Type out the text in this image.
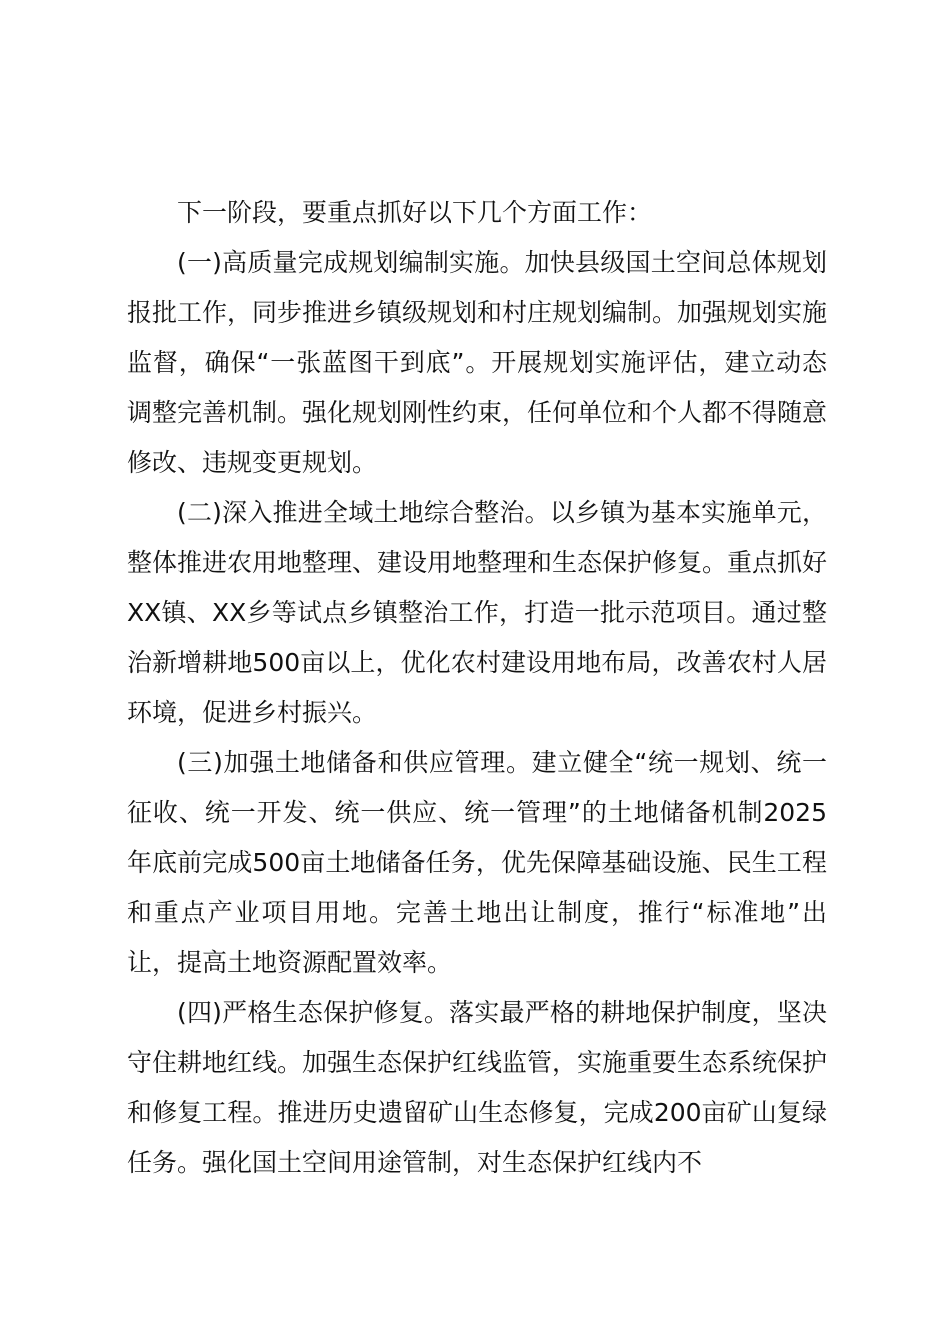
下一阶段，要重点抓好以下几个方面工作：

(一)高质量完成规划编制实施。加快县级国土空间总体规划报批工作，同步推进乡镇级规划和村庄规划编制。加强规划实施监督，确保“一张蓝图干到底”。开展规划实施评估，建立动态调整完善机制。强化规划刚性约束，任何单位和个人都不得随意修改、违规变更规划。

(二)深入推进全域土地综合整治。以乡镇为基本实施单元，整体推进农用地整理、建设用地整理和生态保护修复。重点抓好XX镇、XX乡等试点乡镇整治工作，打造一批示范项目。通过整治新增耕地500亩以上，优化农村建设用地布局，改善农村人居环境，促进乡村振兴。

(三)加强土地储备和供应管理。建立健全“统一规划、统一征收、统一开发、统一供应、统一管理”的土地储备机制2025年底前完成500亩土地储备任务，优先保障基础设施、民生工程和重点产业项目用地。完善土地出让制度，推行“标准地”出让，提高土地资源配置效率。

(四)严格生态保护修复。落实最严格的耕地保护制度，坚决守住耕地红线。加强生态保护红线监管，实施重要生态系统保护和修复工程。推进历史遗留矿山生态修复，完成200亩矿山复绿任务。强化国土空间用途管制，对生态保护红线内不
